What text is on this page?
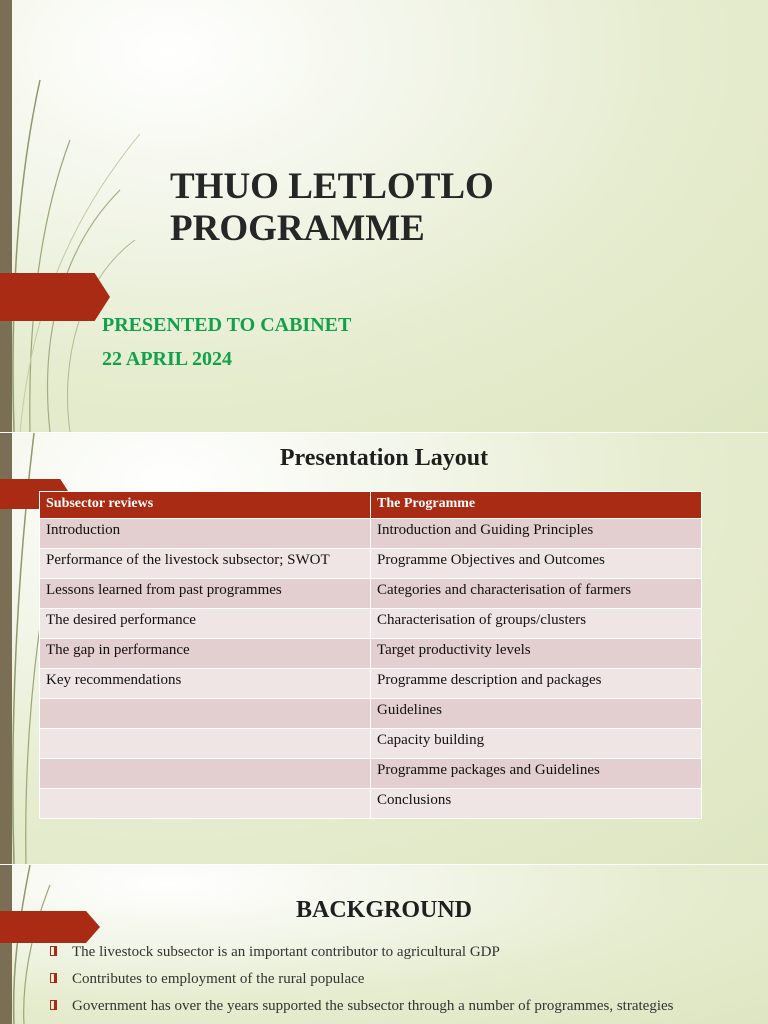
THUO LETLOTLO
PROGRAMME

PRESENTED TO CABINET

22 APRIL 2024

Presentation Layout
Subsector reviews	The Programme
Introduction	Introduction and Guiding Principles
Performance of the livestock subsector; SWOT	Programme Objectives and Outcomes
Lessons learned from past programmes	Categories and characterisation of farmers
The desired performance	Characterisation of groups/clusters
The gap in performance	Target productivity levels
Key recommendations	Programme description and packages
	Guidelines
	Capacity building
	Programme packages and Guidelines
	Conclusions
BACKGROUND
The livestock subsector is an important contributor to agricultural GDP
Contributes to employment of the rural populace
Government has over the years supported the subsector through a number of programmes, strategies
